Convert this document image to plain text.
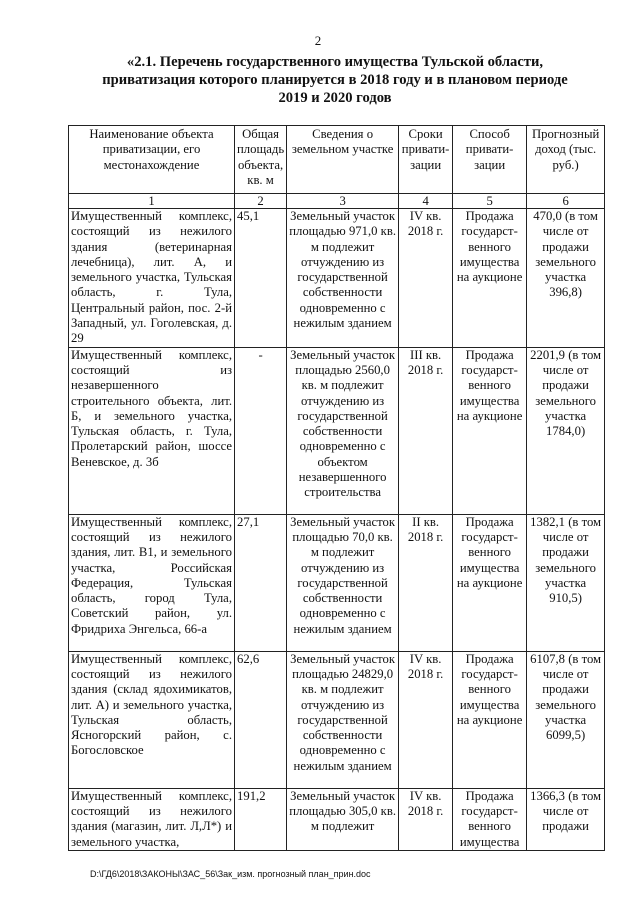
2
«2.1. Перечень государственного имущества Тульской области,
приватизация которого планируется в 2018 году и в плановом периоде
2019 и 2020 годов
Наименование объекта приватизации, его местонахождение	Общая площадь объекта, кв. м	Сведения о земельном участке	Сроки привати-зации	Способ привати-зации	Прогнозный доход (тыс. руб.)
1	2	3	4	5	6
Имущественный комплекс, состоящий из нежилого здания (ветеринарная лечебница), лит. А, и земельного участка, Тульская область, г. Тула, Центральный район, пос. 2-й Западный, ул. Гоголевская, д. 29	45,1	Земельный участок площадью 971,0 кв. м подлежит отчуждению из государственной собственности одновременно с нежилым зданием	IV кв. 2018 г.	Продажа государст-венного имущества на аукционе	470,0 (в том числе от продажи земельного участка 396,8)
Имущественный комплекс, состоящий из незавершенного строительного объекта, лит. Б, и земельного участка, Тульская область, г. Тула, Пролетарский район, шоссе Веневское, д. 3б	-	Земельный участок площадью 2560,0 кв. м подлежит отчуждению из государственной собственности одновременно с объектом незавершенного строительства	III кв. 2018 г.	Продажа государст-венного имущества на аукционе	2201,9 (в том числе от продажи земельного участка 1784,0)
Имущественный комплекс, состоящий из нежилого здания, лит. В1, и земельного участка, Российская Федерация, Тульская область, город Тула, Советский район, ул. Фридриха Энгельса, 66-а	27,1	Земельный участок площадью 70,0 кв. м подлежит отчуждению из государственной собственности одновременно с нежилым зданием	II кв. 2018 г.	Продажа государст-венного имущества на аукционе	1382,1 (в том числе от продажи земельного участка 910,5)
Имущественный комплекс, состоящий из нежилого здания (склад ядохимикатов, лит. А) и земельного участка, Тульская область, Ясногорский район, с. Богословское	62,6	Земельный участок площадью 24829,0 кв. м подлежит отчуждению из государственной собственности одновременно с нежилым зданием	IV кв. 2018 г.	Продажа государст-венного имущества на аукционе	6107,8 (в том числе от продажи земельного участка 6099,5)
Имущественный комплекс, состоящий из нежилого здания (магазин, лит. Л,Л*) и земельного участка,	191,2	Земельный участок площадью 305,0 кв. м подлежит	IV кв. 2018 г.	Продажа государст-венного имущества	1366,3 (в том числе от продажи
D:\ГД6\2018\ЗАКОНЫ\ЗАС_56\Зак_изм. прогнозный план_прин.doc
